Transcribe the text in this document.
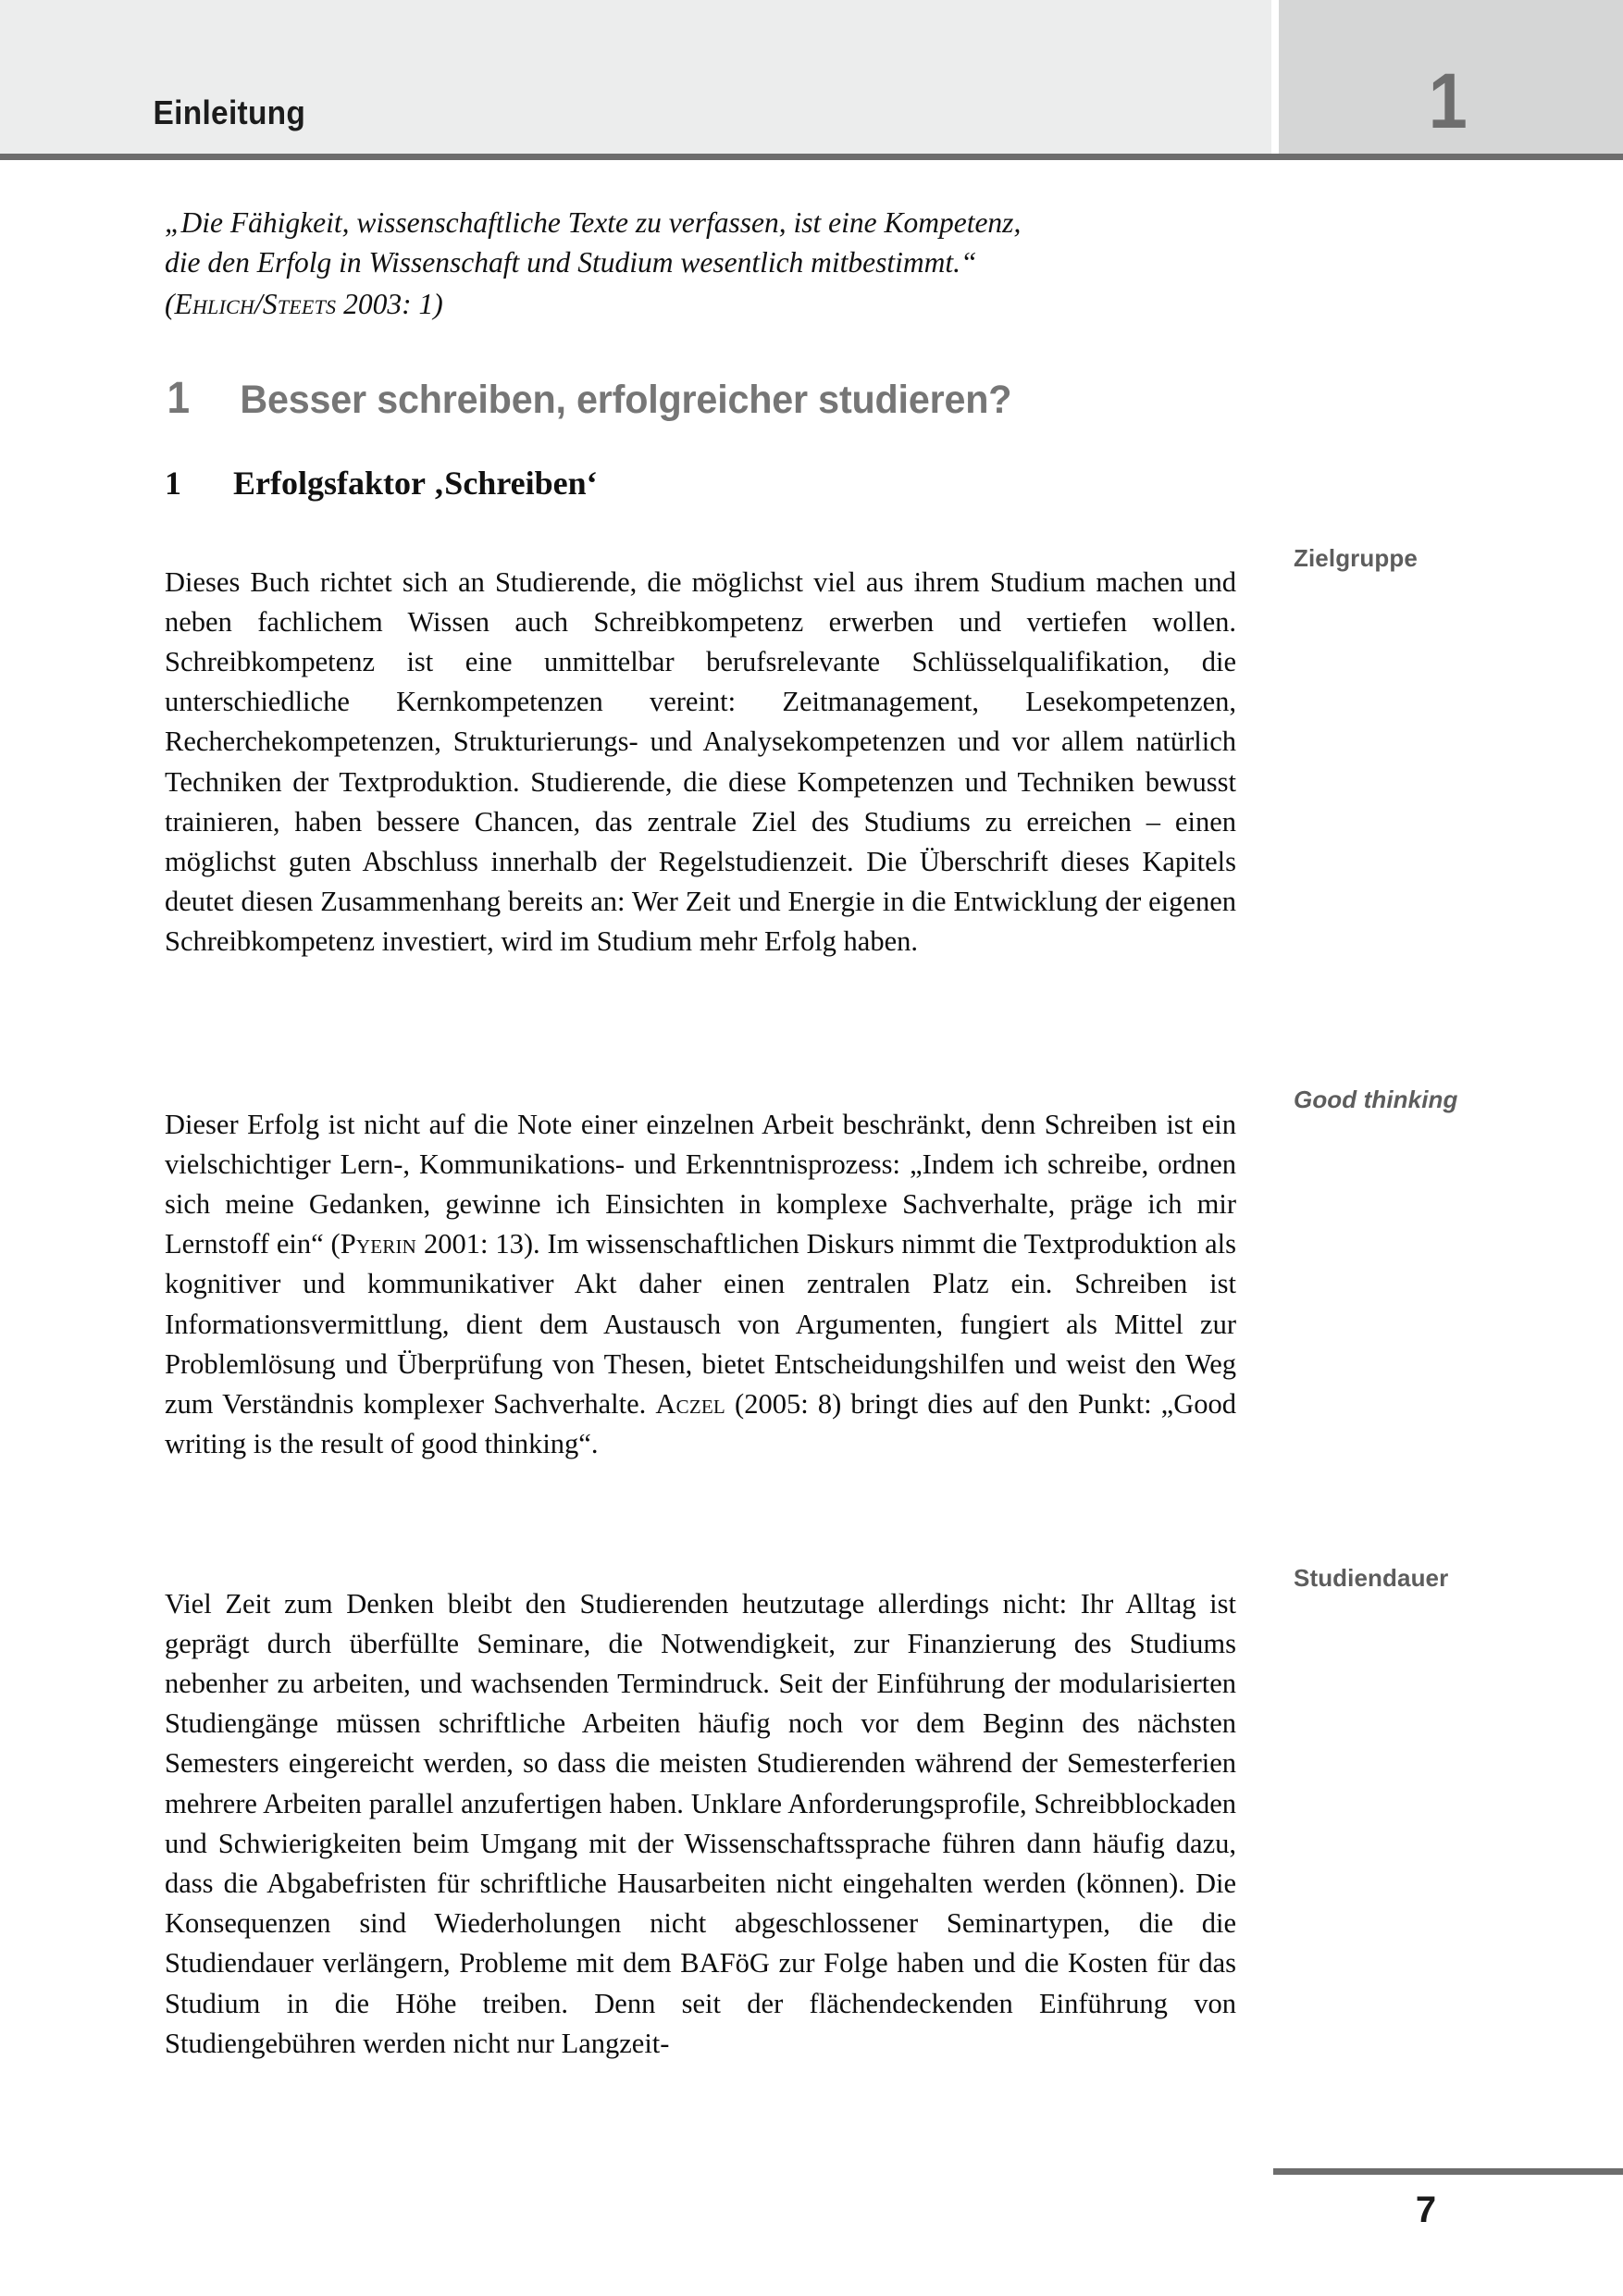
Einleitung	1
„Die Fähigkeit, wissenschaftliche Texte zu verfassen, ist eine Kompetenz,
die den Erfolg in Wissenschaft und Studium wesentlich mitbestimmt.“
(Ehlich/Steets 2003: 1)
1	Besser schreiben, erfolgreicher studieren?
1	Erfolgsfaktor ‚Schreiben‘

Dieses Buch richtet sich an Studierende, die möglichst viel aus ihrem Studium machen und neben fachlichem Wissen auch Schreibkompetenz erwerben und vertiefen wollen. Schreibkompetenz ist eine unmittelbar berufsrelevante Schlüsselqualifikation, die unterschiedliche Kernkompetenzen vereint: Zeitmanagement, Lesekompetenzen, Recherchekompetenzen, Strukturierungs- und Analysekompetenzen und vor allem natürlich Techniken der Textproduktion. Studierende, die diese Kompetenzen und Techniken bewusst trainieren, haben bessere Chancen, das zentrale Ziel des Studiums zu erreichen – einen möglichst guten Abschluss innerhalb der Regelstudienzeit. Die Überschrift dieses Kapitels deutet diesen Zusammenhang bereits an: Wer Zeit und Energie in die Entwicklung der eigenen Schreibkompetenz investiert, wird im Studium mehr Erfolg haben.

Dieser Erfolg ist nicht auf die Note einer einzelnen Arbeit beschränkt, denn Schreiben ist ein vielschichtiger Lern-, Kommunikations- und Erkenntnisprozess: „Indem ich schreibe, ordnen sich meine Gedanken, gewinne ich Einsichten in komplexe Sachverhalte, präge ich mir Lernstoff ein“ (Pyerin 2001: 13). Im wissenschaftlichen Diskurs nimmt die Textproduktion als kognitiver und kommunikativer Akt daher einen zentralen Platz ein. Schreiben ist Informationsvermittlung, dient dem Austausch von Argumenten, fungiert als Mittel zur Problemlösung und Überprüfung von Thesen, bietet Entscheidungshilfen und weist den Weg zum Verständnis komplexer Sachverhalte. Aczel (2005: 8) bringt dies auf den Punkt: „Good writing is the result of good thinking“.

Viel Zeit zum Denken bleibt den Studierenden heutzutage allerdings nicht: Ihr Alltag ist geprägt durch überfüllte Seminare, die Notwendigkeit, zur Finanzierung des Studiums nebenher zu arbeiten, und wachsenden Termindruck. Seit der Einführung der modularisierten Studiengänge müssen schriftliche Arbeiten häufig noch vor dem Beginn des nächsten Semesters eingereicht werden, so dass die meisten Studierenden während der Semesterferien mehrere Arbeiten parallel anzufertigen haben. Unklare Anforderungsprofile, Schreibblockaden und Schwierigkeiten beim Umgang mit der Wissenschaftssprache führen dann häufig dazu, dass die Abgabefristen für schriftliche Hausarbeiten nicht eingehalten werden (können). Die Konsequenzen sind Wiederholungen nicht abgeschlossener Seminartypen, die die Studiendauer verlängern, Probleme mit dem BAFöG zur Folge haben und die Kosten für das Studium in die Höhe treiben. Denn seit der flächendeckenden Einführung von Studiengebühren werden nicht nur Langzeit-

Zielgruppe
Good thinking
Studiendauer
7
